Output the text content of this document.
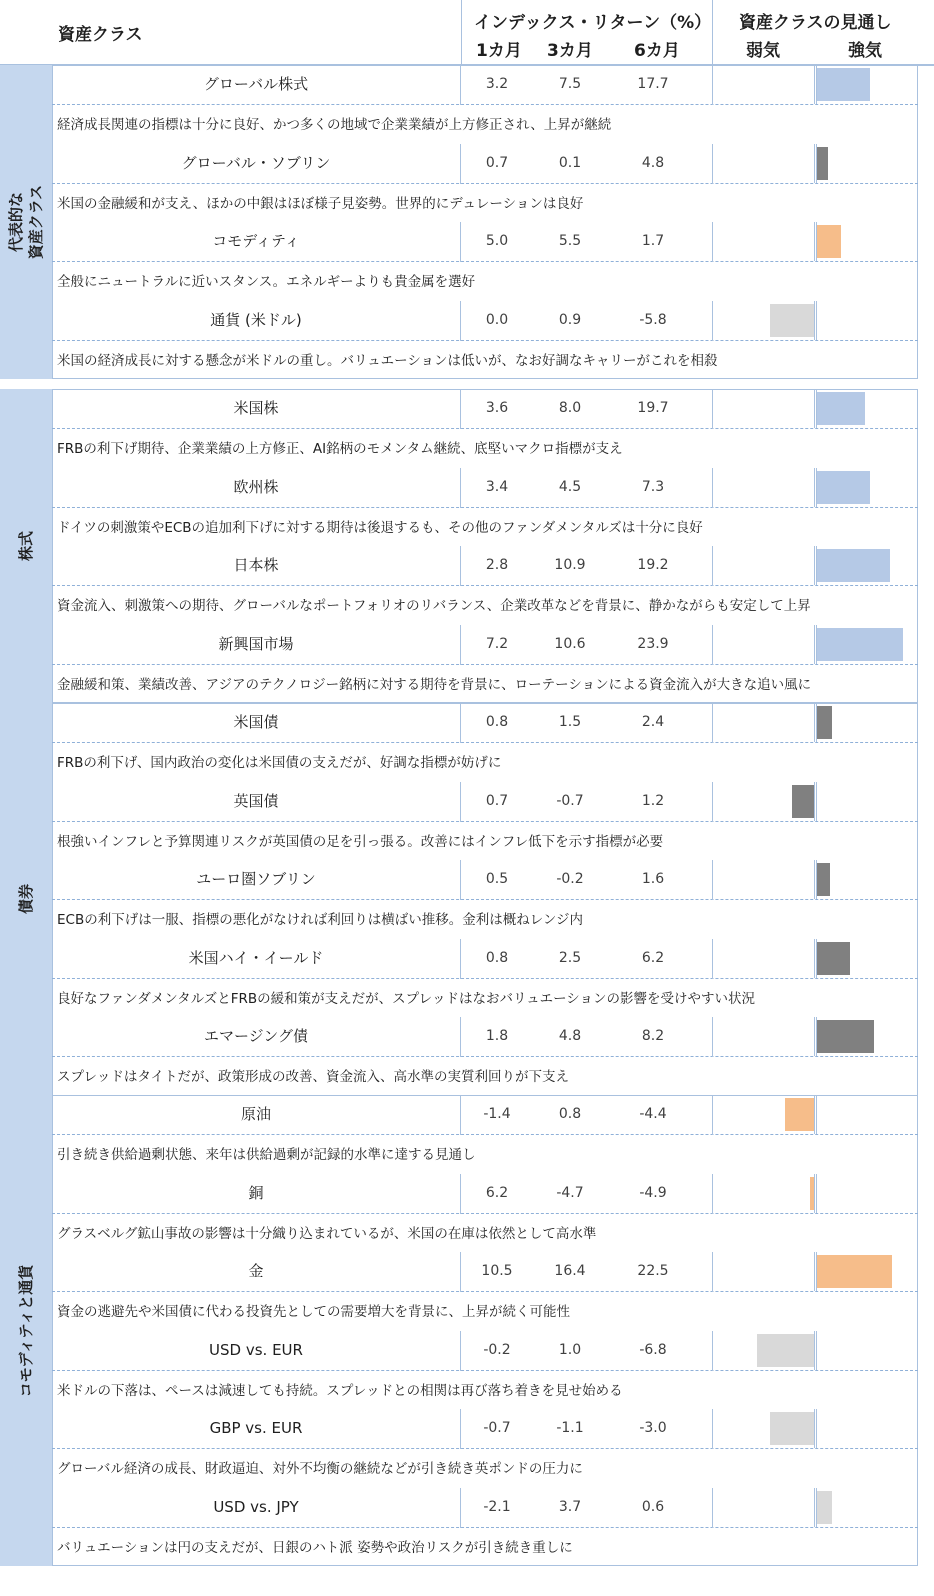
資産クラス
インデックス・リターン（%）
1カ月 3カ月 6カ月
資産クラスの見通し
弱気	強気
代表的な 資産クラス
グローバル株式	3.2	7.5	17.7
経済成長関連の指標は十分に良好、かつ多くの地域で企業業績が上方修正され、上昇が継続
グローバル・ソブリン	0.7	0.1	4.8
米国の金融緩和が支え、ほかの中銀はほぼ様子見姿勢。世界的にデュレーションは良好
コモディティ	5.0	5.5	1.7
全般にニュートラルに近いスタンス。エネルギーよりも貴金属を選好
通貨 (米ドル)	0.0	0.9	-5.8
米国の経済成長に対する懸念が米ドルの重し。バリュエーションは低いが、なお好調なキャリーがこれを相殺
株式
米国株	3.6	8.0	19.7
FRBの利下げ期待、企業業績の上方修正、AI銘柄のモメンタム継続、底堅いマクロ指標が支え
欧州株	3.4	4.5	7.3
ドイツの刺激策やECBの追加利下げに対する期待は後退するも、その他のファンダメンタルズは十分に良好
日本株	2.8	10.9	19.2
資金流入、刺激策への期待、グローバルなポートフォリオのリバランス、企業改革などを背景に、静かながらも安定して上昇
新興国市場	7.2	10.6	23.9
金融緩和策、業績改善、アジアのテクノロジー銘柄に対する期待を背景に、ローテーションによる資金流入が大きな追い風に
債券
米国債	0.8	1.5	2.4
FRBの利下げ、国内政治の変化は米国債の支えだが、好調な指標が妨げに
英国債	0.7	-0.7	1.2
根強いインフレと予算関連リスクが英国債の足を引っ張る。改善にはインフレ低下を示す指標が必要
ユーロ圏ソブリン	0.5	-0.2	1.6
ECBの利下げは一服、指標の悪化がなければ利回りは横ばい推移。金利は概ねレンジ内
米国ハイ・イールド	0.8	2.5	6.2
良好なファンダメンタルズとFRBの緩和策が支えだが、スプレッドはなおバリュエーションの影響を受けやすい状況
エマージング債	1.8	4.8	8.2
スプレッドはタイトだが、政策形成の改善、資金流入、高水準の実質利回りが下支え
コモディティと通貨
原油	-1.4	0.8	-4.4
引き続き供給過剰状態、来年は供給過剰が記録的水準に達する見通し
銅	6.2	-4.7	-4.9
グラスベルグ鉱山事故の影響は十分織り込まれているが、米国の在庫は依然として高水準
金	10.5	16.4	22.5
資金の逃避先や米国債に代わる投資先としての需要増大を背景に、上昇が続く可能性
USD vs. EUR	-0.2	1.0	-6.8
米ドルの下落は、ペースは減速しても持続。スプレッドとの相関は再び落ち着きを見せ始める
GBP vs. EUR	-0.7	-1.1	-3.0
グローバル経済の成長、財政逼迫、対外不均衡の継続などが引き続き英ポンドの圧力に
USD vs. JPY	-2.1	3.7	0.6
バリュエーションは円の支えだが、日銀のハト派 姿勢や政治リスクが引き続き重しに
